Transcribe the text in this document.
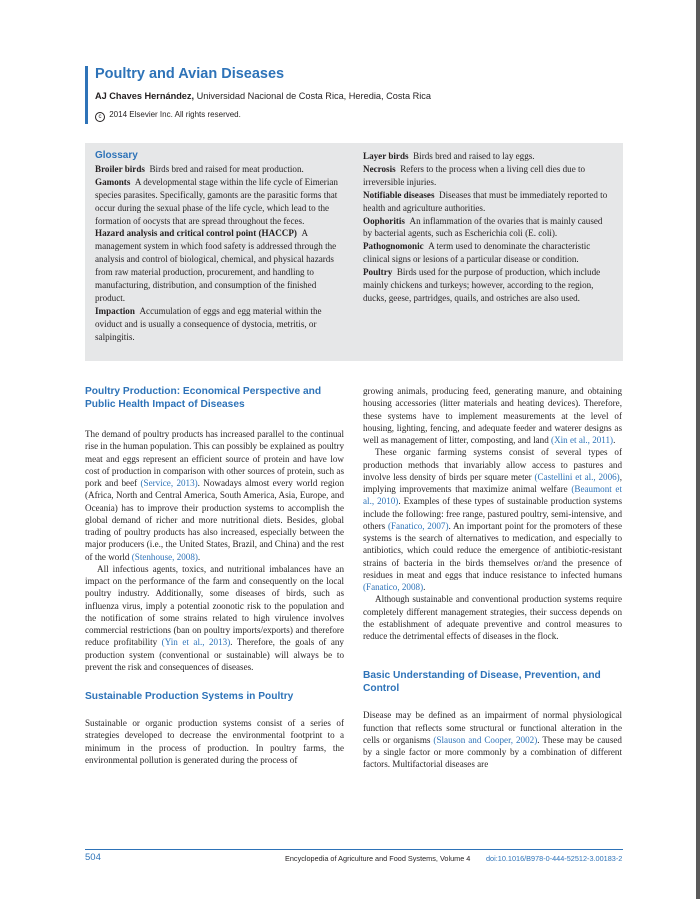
Poultry and Avian Diseases
AJ Chaves Hernández, Universidad Nacional de Costa Rica, Heredia, Costa Rica
c 2014 Elsevier Inc. All rights reserved.

Glossary

Broiler birds Birds bred and raised for meat production.

Gamonts A developmental stage within the life cycle of Eimerian species parasites. Specifically, gamonts are the parasitic forms that occur during the sexual phase of the life cycle, which lead to the formation of oocysts that are spread throughout the feces.

Hazard analysis and critical control point (HACCP) A management system in which food safety is addressed through the analysis and control of biological, chemical, and physical hazards from raw material production, procurement, and handling to manufacturing, distribution, and consumption of the finished product.

Impaction Accumulation of eggs and egg material within the oviduct and is usually a consequence of dystocia, metritis, or salpingitis.

Layer birds Birds bred and raised to lay eggs.

Necrosis Refers to the process when a living cell dies due to irreversible injuries.

Notifiable diseases Diseases that must be immediately reported to health and agriculture authorities.

Oophoritis An inflammation of the ovaries that is mainly caused by bacterial agents, such as Escherichia coli (E. coli).

Pathognomonic A term used to denominate the characteristic clinical signs or lesions of a particular disease or condition.

Poultry Birds used for the purpose of production, which include mainly chickens and turkeys; however, according to the region, ducks, geese, partridges, quails, and ostriches are also used.

Poultry Production: Economical Perspective and Public Health Impact of Diseases

The demand of poultry products has increased parallel to the continual rise in the human population. This can possibly be explained as poultry meat and eggs represent an efficient source of protein and have low cost of production in comparison with other sources of protein, such as pork and beef (Service, 2013). Nowadays almost every world region (Africa, North and Central America, South America, Asia, Europe, and Oceania) has to improve their production systems to accomplish the global demand of richer and more nutritional diets. Besides, global trading of poultry products has also increased, especially between the major producers (i.e., the United States, Brazil, and China) and the rest of the world (Stenhouse, 2008).

All infectious agents, toxics, and nutritional imbalances have an impact on the performance of the farm and consequently on the local poultry industry. Additionally, some diseases of birds, such as influenza virus, imply a potential zoonotic risk to the population and the notification of some strains related to high virulence involves commercial restrictions (ban on poultry imports/exports) and therefore reduce profitability (Yin et al., 2013). Therefore, the goals of any production system (conventional or sustainable) will always be to prevent the risk and consequences of diseases.

Sustainable Production Systems in Poultry

Sustainable or organic production systems consist of a series of strategies developed to decrease the environmental footprint to a minimum in the process of production. In poultry farms, the environmental pollution is generated during the process of

growing animals, producing feed, generating manure, and obtaining housing accessories (litter materials and heating devices). Therefore, these systems have to implement measurements at the level of housing, lighting, fencing, and adequate feeder and waterer designs as well as management of litter, composting, and land (Xin et al., 2011).

These organic farming systems consist of several types of production methods that invariably allow access to pastures and involve less density of birds per square meter (Castellini et al., 2006), implying improvements that maximize animal welfare (Beaumont et al., 2010). Examples of these types of sustainable production systems include the following: free range, pastured poultry, semi-intensive, and others (Fanatico, 2007). An important point for the promoters of these systems is the search of alternatives to medication, and especially to antibiotics, which could reduce the emergence of antibiotic-resistant strains of bacteria in the birds themselves or/and the presence of residues in meat and eggs that induce resistance to infected humans (Fanatico, 2008).

Although sustainable and conventional production systems require completely different management strategies, their success depends on the establishment of adequate preventive and control measures to reduce the detrimental effects of diseases in the flock.

Basic Understanding of Disease, Prevention, and Control

Disease may be defined as an impairment of normal physiological function that reflects some structural or functional alteration in the cells or organisms (Slauson and Cooper, 2002). These may be caused by a single factor or more commonly by a combination of different factors. Multifactorial diseases are

504	Encyclopedia of Agriculture and Food Systems, Volume 4 doi:10.1016/B978-0-444-52512-3.00183-2
